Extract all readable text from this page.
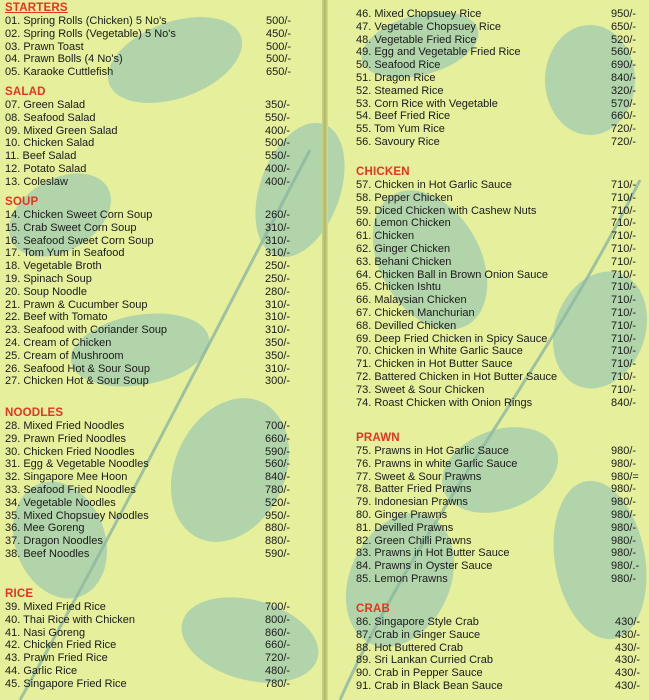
STARTERS
01. Spring Rolls (Chicken) 5 No's	500/-
02. Spring Rolls (Vegetable) 5 No's	450/-
03. Prawn Toast	500/-
04. Prawn Bolls (4 No's)	500/-
05. Karaoke Cuttlefish	650/-
SALAD
07. Green Salad	350/-
08. Seafood Salad	550/-
09. Mixed Green Salad	400/-
10. Chicken Salad	500/-
11. Beef Salad	550/-
12. Potato Salad	400/-
13. Coleslaw	400/-
SOUP
14. Chicken Sweet Corn Soup	260/-
15. Crab Sweet Corn Soup	310/-
16. Seafood Sweet Corn Soup	310/-
17. Tom Yum in Seafood	310/-
18. Vegetable Broth	250/-
19. Spinach Soup	250/-
20. Soup Noodle	280/-
21. Prawn & Cucumber Soup	310/-
22. Beef with Tomato	310/-
23. Seafood with Coriander Soup	310/-
24. Cream of Chicken	350/-
25. Cream of Mushroom	350/-
26. Seafood Hot & Sour Soup	310/-
27. Chicken Hot & Sour Soup	300/-
NOODLES
28. Mixed Fried Noodles	700/-
29. Prawn Fried Noodles	660/-
30. Chicken Fried Noodles	590/-
31. Egg & Vegetable Noodles	560/-
32. Singapore Mee Hoon	840/-
33. Seafood Fried Noodles	780/-
34. Vegetable Noodles	520/-
35. Mixed Chopsuey Noodles	950/-
36. Mee Goreng	880/-
37. Dragon Noodles	880/-
38. Beef Noodles	590/-
RICE
39. Mixed Fried Rice	700/-
40. Thai Rice with Chicken	800/-
41. Nasi Goreng	860/-
42. Chicken Fried Rice	660/-
43. Prawn Fried Rice	720/-
44. Garlic Rice	480/-
45. Singapore Fried Rice	780/-
46. Mixed Chopsuey Rice	950/-
47. Vegetable Chopsuey Rice	650/-
48. Vegetable Fried Rice	520/-
49. Egg and Vegetable Fried Rice	560/-
50. Seafood Rice	690/-
51. Dragon Rice	840/-
52. Steamed Rice	320/-
53. Corn Rice with Vegetable	570/-
54. Beef Fried Rice	660/-
55. Tom Yum Rice	720/-
56. Savoury Rice	720/-
CHICKEN
57. Chicken in Hot Garlic Sauce	710/-
58. Pepper Chicken	710/-
59. Diced Chicken with Cashew Nuts	710/-
60. Lemon Chicken	710/-
61. Chicken	710/-
62. Ginger Chicken	710/-
63. Behani Chicken	710/-
64. Chicken Ball in Brown Onion Sauce	710/-
65. Chicken Ishtu	710/-
66. Malaysian Chicken	710/-
67. Chicken Manchurian	710/-
68. Devilled Chicken	710/-
69. Deep Fried Chicken in Spicy Sauce	710/-
70. Chicken in White Garlic Sauce	710/-
71. Chicken in Hot Butter Sauce	710/-
72. Battered Chicken in Hot Butter Sauce	710/-
73. Sweet & Sour Chicken	710/-
74. Roast Chicken with Onion Rings	840/-
PRAWN
75. Prawns in Hot Garlic Sauce	980/-
76. Prawns in white Garlic Sauce	980/-
77. Sweet & Sour Prawns	980/=
78. Batter Fried Prawns	980/-
79. Indonesian Prawns	980/-
80. Ginger Prawns	980/-
81. Devilled Prawns	980/-
82. Green Chilli Prawns	980/-
83. Prawns in Hot Butter Sauce	980/-
84. Prawns in Oyster Sauce	980/.-
85. Lemon Prawns	980/-
CRAB
86. Singapore Style Crab	430/-
87. Crab in Ginger Sauce	430/-
88. Hot Buttered Crab	430/-
89. Sri Lankan Curried Crab	430/-
90. Crab in Pepper Sauce	430/-
91. Crab in Black Bean Sauce	430/-
